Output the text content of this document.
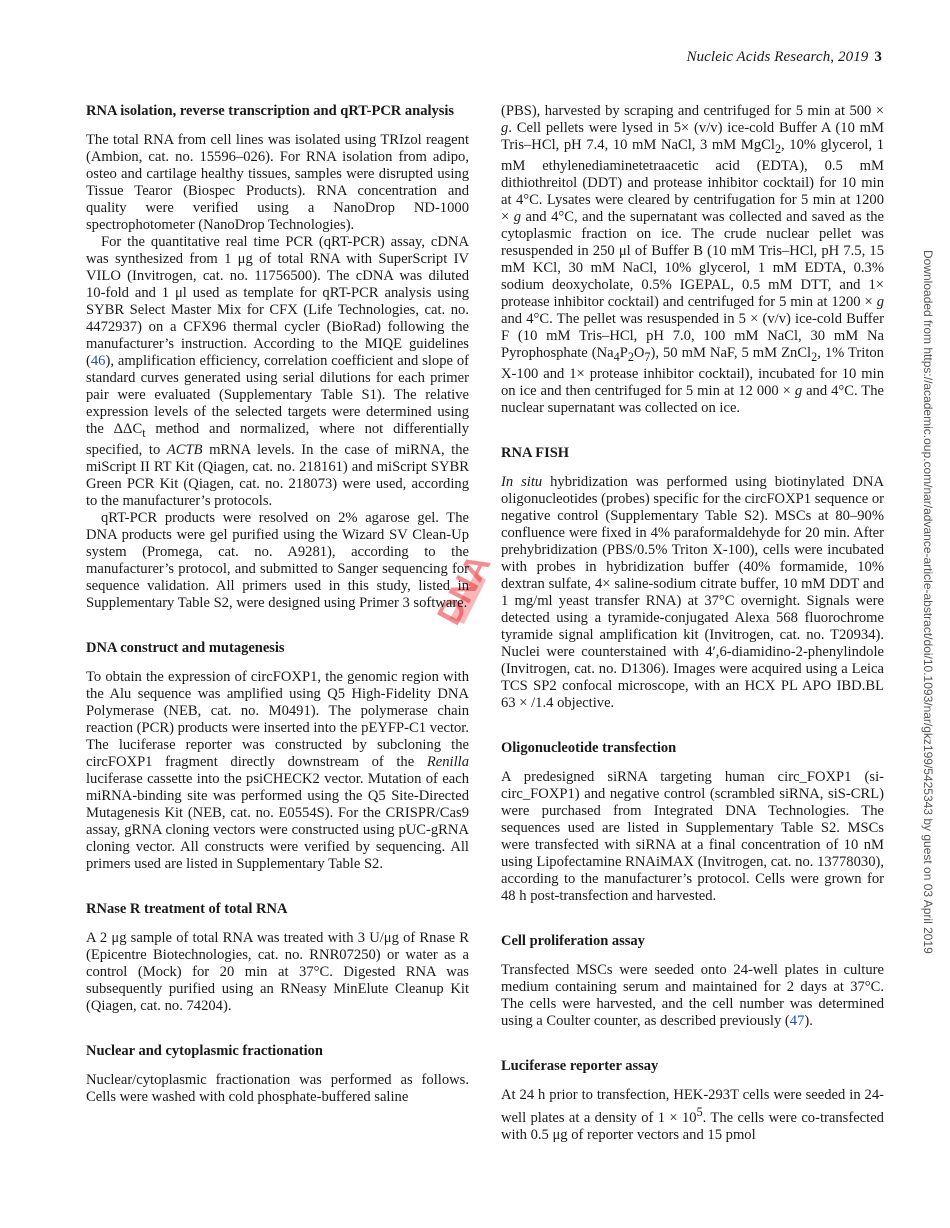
Nucleic Acids Research, 2019 3
Downloaded from https://academic.oup.com/nar/advance-article-abstract/doi/10.1093/nar/gkz199/5425343 by guest on 03 April 2019
DNA
RNA isolation, reverse transcription and qRT-PCR analysis

The total RNA from cell lines was isolated using TRIzol reagent (Ambion, cat. no. 15596–026). For RNA isolation from adipo, osteo and cartilage healthy tissues, samples were disrupted using Tissue Tearor (Biospec Products). RNA concentration and quality were verified using a NanoDrop ND-1000 spectrophotometer (NanoDrop Technologies).

For the quantitative real time PCR (qRT-PCR) assay, cDNA was synthesized from 1 μg of total RNA with SuperScript IV VILO (Invitrogen, cat. no. 11756500). The cDNA was diluted 10-fold and 1 μl used as template for qRT-PCR analysis using SYBR Select Master Mix for CFX (Life Technologies, cat. no. 4472937) on a CFX96 thermal cycler (BioRad) following the manufacturer’s instruction. According to the MIQE guidelines (46), amplification efficiency, correlation coefficient and slope of standard curves generated using serial dilutions for each primer pair were evaluated (Supplementary Table S1). The relative expression levels of the selected targets were determined using the $\Delta\Delta C_t$ method and normalized, where not differentially specified, to ACTB mRNA levels. In the case of miRNA, the miScript II RT Kit (Qiagen, cat. no. 218161) and miScript SYBR Green PCR Kit (Qiagen, cat. no. 218073) were used, according to the manufacturer’s protocols.

qRT-PCR products were resolved on 2% agarose gel. The DNA products were gel purified using the Wizard SV Clean-Up system (Promega, cat. no. A9281), according to the manufacturer’s protocol, and submitted to Sanger sequencing for sequence validation. All primers used in this study, listed in Supplementary Table S2, were designed using Primer 3 software.

DNA construct and mutagenesis

To obtain the expression of circFOXP1, the genomic region with the Alu sequence was amplified using Q5 High-Fidelity DNA Polymerase (NEB, cat. no. M0491). The polymerase chain reaction (PCR) products were inserted into the pEYFP-C1 vector. The luciferase reporter was constructed by subcloning the circFOXP1 fragment directly downstream of the Renilla luciferase cassette into the psiCHECK2 vector. Mutation of each miRNA-binding site was performed using the Q5 Site-Directed Mutagenesis Kit (NEB, cat. no. E0554S). For the CRISPR/Cas9 assay, gRNA cloning vectors were constructed using pUC-gRNA cloning vector. All constructs were verified by sequencing. All primers used are listed in Supplementary Table S2.

RNase R treatment of total RNA

A 2 μg sample of total RNA was treated with 3 U/μg of Rnase R (Epicentre Biotechnologies, cat. no. RNR07250) or water as a control (Mock) for 20 min at 37°C. Digested RNA was subsequently purified using an RNeasy MinElute Cleanup Kit (Qiagen, cat. no. 74204).

Nuclear and cytoplasmic fractionation

Nuclear/cytoplasmic fractionation was performed as follows. Cells were washed with cold phosphate-buffered saline

(PBS), harvested by scraping and centrifuged for 5 min at 500 × g. Cell pellets were lysed in 5× (v/v) ice-cold Buffer A (10 mM Tris–HCl, pH 7.4, 10 mM NaCl, 3 mM MgCl$_2$, 10% glycerol, 1 mM ethylenediaminetetraacetic acid (EDTA), 0.5 mM dithiothreitol (DDT) and protease inhibitor cocktail) for 10 min at 4°C. Lysates were cleared by centrifugation for 5 min at 1200 × g and 4°C, and the supernatant was collected and saved as the cytoplasmic fraction on ice. The crude nuclear pellet was resuspended in 250 μl of Buffer B (10 mM Tris–HCl, pH 7.5, 15 mM KCl, 30 mM NaCl, 10% glycerol, 1 mM EDTA, 0.3% sodium deoxycholate, 0.5% IGEPAL, 0.5 mM DTT, and 1× protease inhibitor cocktail) and centrifuged for 5 min at 1200 × g and 4°C. The pellet was resuspended in 5 × (v/v) ice-cold Buffer F (10 mM Tris–HCl, pH 7.0, 100 mM NaCl, 30 mM Na Pyrophosphate $(Na_4P_2O_7)$, 50 mM NaF, 5 mM ZnCl$_2$, 1% Triton X-100 and 1× protease inhibitor cocktail), incubated for 10 min on ice and then centrifuged for 5 min at 12 000 × g and 4°C. The nuclear supernatant was collected on ice.

RNA FISH

In situ hybridization was performed using biotinylated DNA oligonucleotides (probes) specific for the circFOXP1 sequence or negative control (Supplementary Table S2). MSCs at 80–90% confluence were fixed in 4% paraformaldehyde for 20 min. After prehybridization (PBS/0.5% Triton X-100), cells were incubated with probes in hybridization buffer (40% formamide, 10% dextran sulfate, 4× saline-sodium citrate buffer, 10 mM DDT and 1 mg/ml yeast transfer RNA) at 37°C overnight. Signals were detected using a tyramide-conjugated Alexa 568 fluorochrome tyramide signal amplification kit (Invitrogen, cat. no. T20934). Nuclei were counterstained with 4′,6-diamidino-2-phenylindole (Invitrogen, cat. no. D1306). Images were acquired using a Leica TCS SP2 confocal microscope, with an HCX PL APO IBD.BL 63 × /1.4 objective.

Oligonucleotide transfection

A predesigned siRNA targeting human circ_FOXP1 (si-circ_FOXP1) and negative control (scrambled siRNA, siS-CRL) were purchased from Integrated DNA Technologies. The sequences used are listed in Supplementary Table S2. MSCs were transfected with siRNA at a final concentration of 10 nM using Lipofectamine RNAiMAX (Invitrogen, cat. no. 13778030), according to the manufacturer’s protocol. Cells were grown for 48 h post-transfection and harvested.

Cell proliferation assay

Transfected MSCs were seeded onto 24-well plates in culture medium containing serum and maintained for 2 days at 37°C. The cells were harvested, and the cell number was determined using a Coulter counter, as described previously (47).

Luciferase reporter assay

At 24 h prior to transfection, HEK-293T cells were seeded in 24-well plates at a density of $1 \times 10^5$. The cells were co-transfected with 0.5 μg of reporter vectors and 15 pmol
